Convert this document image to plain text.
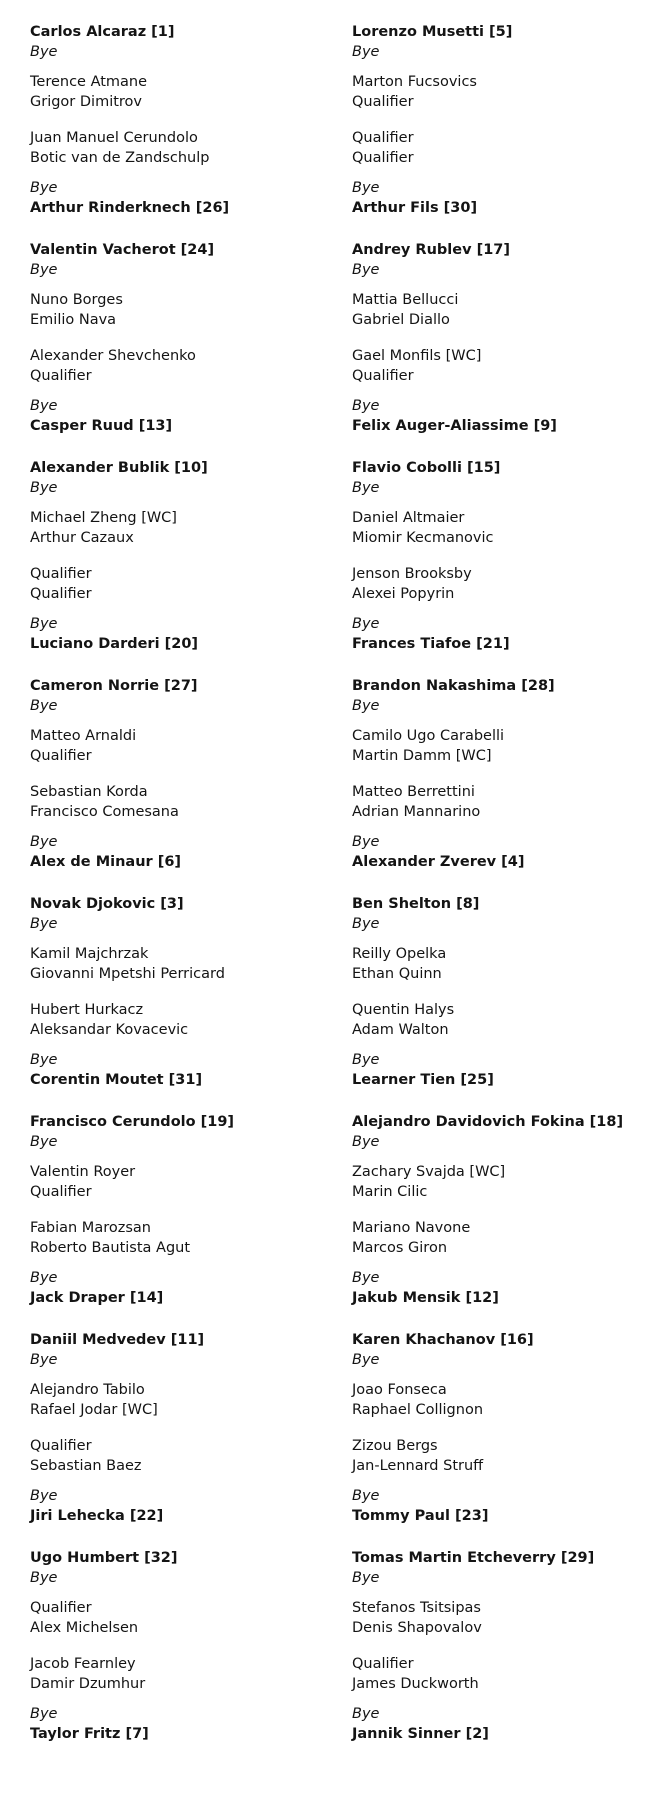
Carlos Alcaraz [1]
Bye
Terence Atmane
Grigor Dimitrov
Juan Manuel Cerundolo
Botic van de Zandschulp
Bye
Arthur Rinderknech [26]
Valentin Vacherot [24]
Bye
Nuno Borges
Emilio Nava
Alexander Shevchenko
Qualifier
Bye
Casper Ruud [13]
Alexander Bublik [10]
Bye
Michael Zheng [WC]
Arthur Cazaux
Qualifier
Qualifier
Bye
Luciano Darderi [20]
Cameron Norrie [27]
Bye
Matteo Arnaldi
Qualifier
Sebastian Korda
Francisco Comesana
Bye
Alex de Minaur [6]
Novak Djokovic [3]
Bye
Kamil Majchrzak
Giovanni Mpetshi Perricard
Hubert Hurkacz
Aleksandar Kovacevic
Bye
Corentin Moutet [31]
Francisco Cerundolo [19]
Bye
Valentin Royer
Qualifier
Fabian Marozsan
Roberto Bautista Agut
Bye
Jack Draper [14]
Daniil Medvedev [11]
Bye
Alejandro Tabilo
Rafael Jodar [WC]
Qualifier
Sebastian Baez
Bye
Jiri Lehecka [22]
Ugo Humbert [32]
Bye
Qualifier
Alex Michelsen
Jacob Fearnley
Damir Dzumhur
Bye
Taylor Fritz [7]
Lorenzo Musetti [5]
Bye
Marton Fucsovics
Qualifier
Qualifier
Qualifier
Bye
Arthur Fils [30]
Andrey Rublev [17]
Bye
Mattia Bellucci
Gabriel Diallo
Gael Monfils [WC]
Qualifier
Bye
Felix Auger-Aliassime [9]
Flavio Cobolli [15]
Bye
Daniel Altmaier
Miomir Kecmanovic
Jenson Brooksby
Alexei Popyrin
Bye
Frances Tiafoe [21]
Brandon Nakashima [28]
Bye
Camilo Ugo Carabelli
Martin Damm [WC]
Matteo Berrettini
Adrian Mannarino
Bye
Alexander Zverev [4]
Ben Shelton [8]
Bye
Reilly Opelka
Ethan Quinn
Quentin Halys
Adam Walton
Bye
Learner Tien [25]
Alejandro Davidovich Fokina [18]
Bye
Zachary Svajda [WC]
Marin Cilic
Mariano Navone
Marcos Giron
Bye
Jakub Mensik [12]
Karen Khachanov [16]
Bye
Joao Fonseca
Raphael Collignon
Zizou Bergs
Jan-Lennard Struff
Bye
Tommy Paul [23]
Tomas Martin Etcheverry [29]
Bye
Stefanos Tsitsipas
Denis Shapovalov
Qualifier
James Duckworth
Bye
Jannik Sinner [2]
